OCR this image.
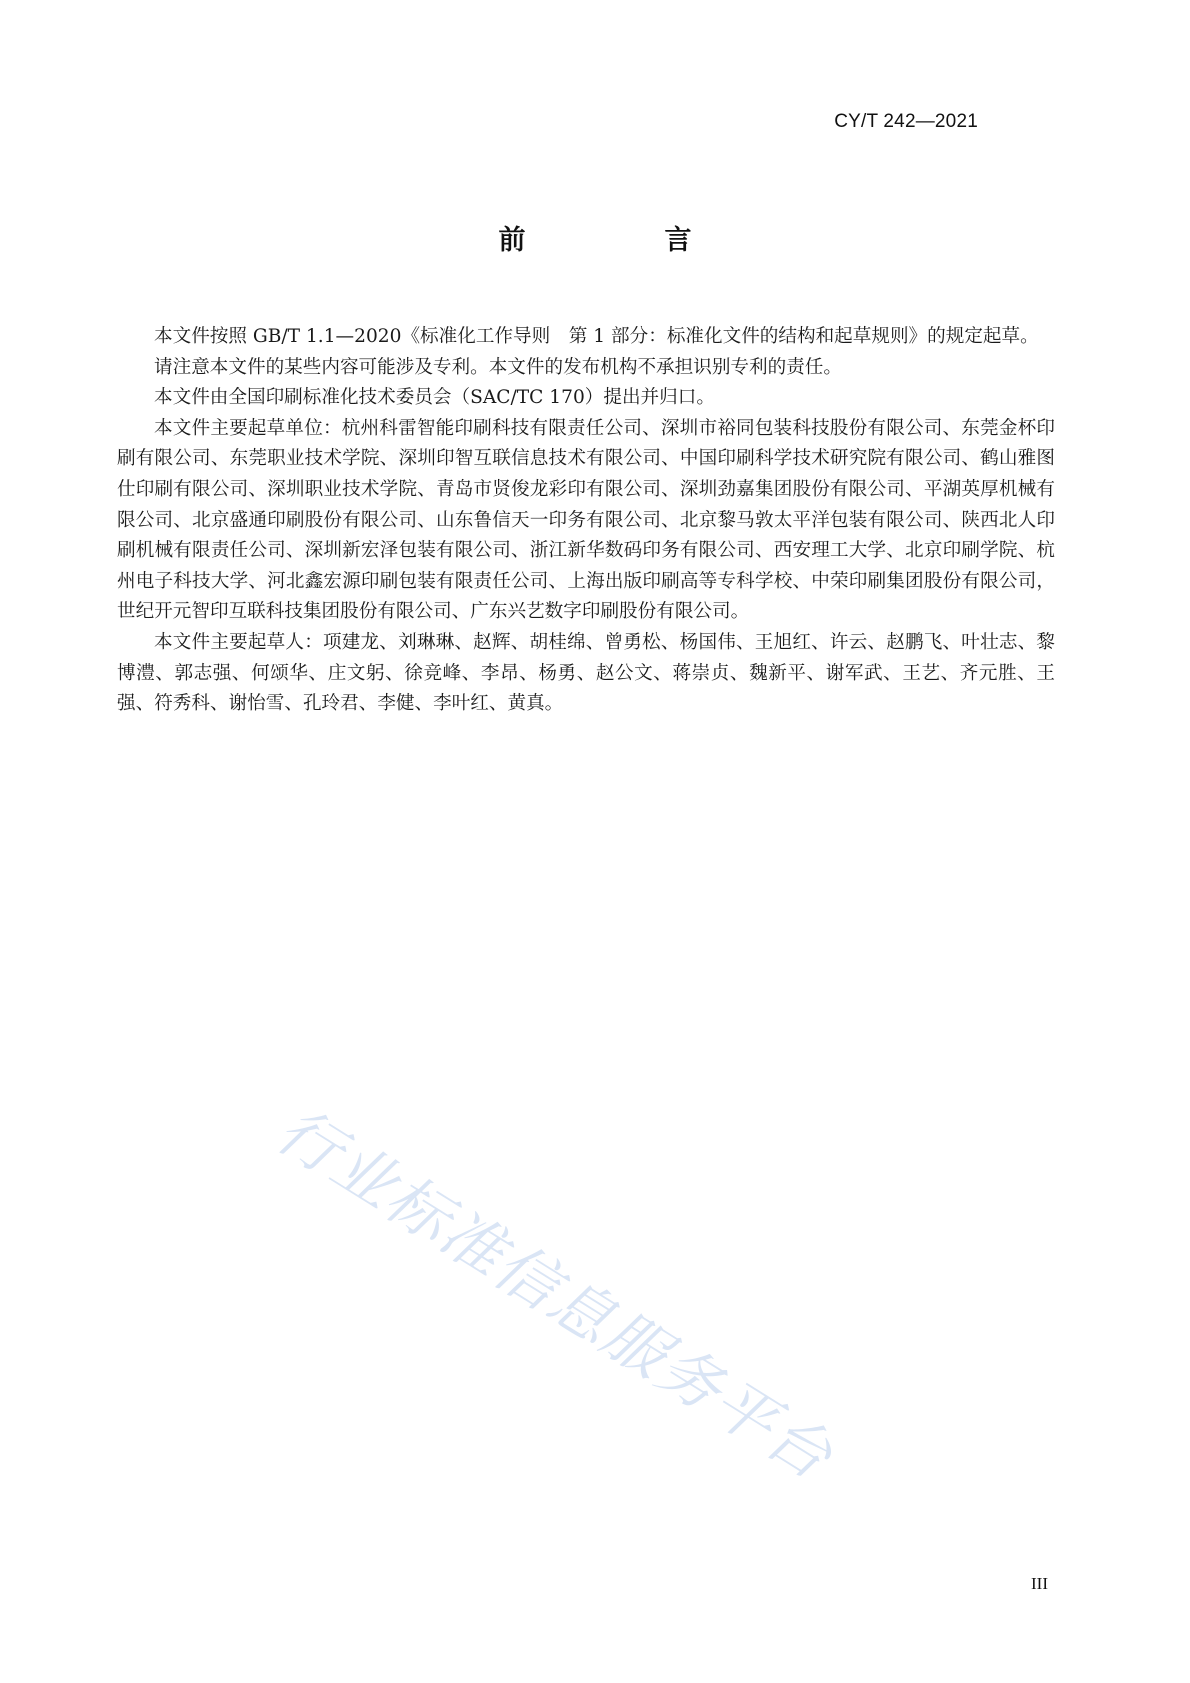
CY/T 242—2021
前　言

本文件按照 GB/T 1.1—2020《标准化工作导则　第 1 部分：标准化文件的结构和起草规则》的规定起草。

请注意本文件的某些内容可能涉及专利。本文件的发布机构不承担识别专利的责任。

本文件由全国印刷标准化技术委员会（SAC/TC 170）提出并归口。

本文件主要起草单位：杭州科雷智能印刷科技有限责任公司、深圳市裕同包装科技股份有限公司、东莞金杯印刷有限公司、东莞职业技术学院、深圳印智互联信息技术有限公司、中国印刷科学技术研究院有限公司、鹤山雅图仕印刷有限公司、深圳职业技术学院、青岛市贤俊龙彩印有限公司、深圳劲嘉集团股份有限公司、平湖英厚机械有限公司、北京盛通印刷股份有限公司、山东鲁信天一印务有限公司、北京黎马敦太平洋包装有限公司、陕西北人印刷机械有限责任公司、深圳新宏泽包装有限公司、浙江新华数码印务有限公司、西安理工大学、北京印刷学院、杭州电子科技大学、河北鑫宏源印刷包装有限责任公司、上海出版印刷高等专科学校、中荣印刷集团股份有限公司，世纪开元智印互联科技集团股份有限公司、广东兴艺数字印刷股份有限公司。

本文件主要起草人：项建龙、刘琳琳、赵辉、胡桂绵、曾勇松、杨国伟、王旭红、许云、赵鹏飞、叶壮志、黎博澧、郭志强、何颂华、庄文躬、徐竞峰、李昂、杨勇、赵公文、蒋崇贞、魏新平、谢军武、王艺、齐元胜、王强、符秀科、谢怡雪、孔玲君、李健、李叶红、黄真。

行业标准信息服务平台
III
